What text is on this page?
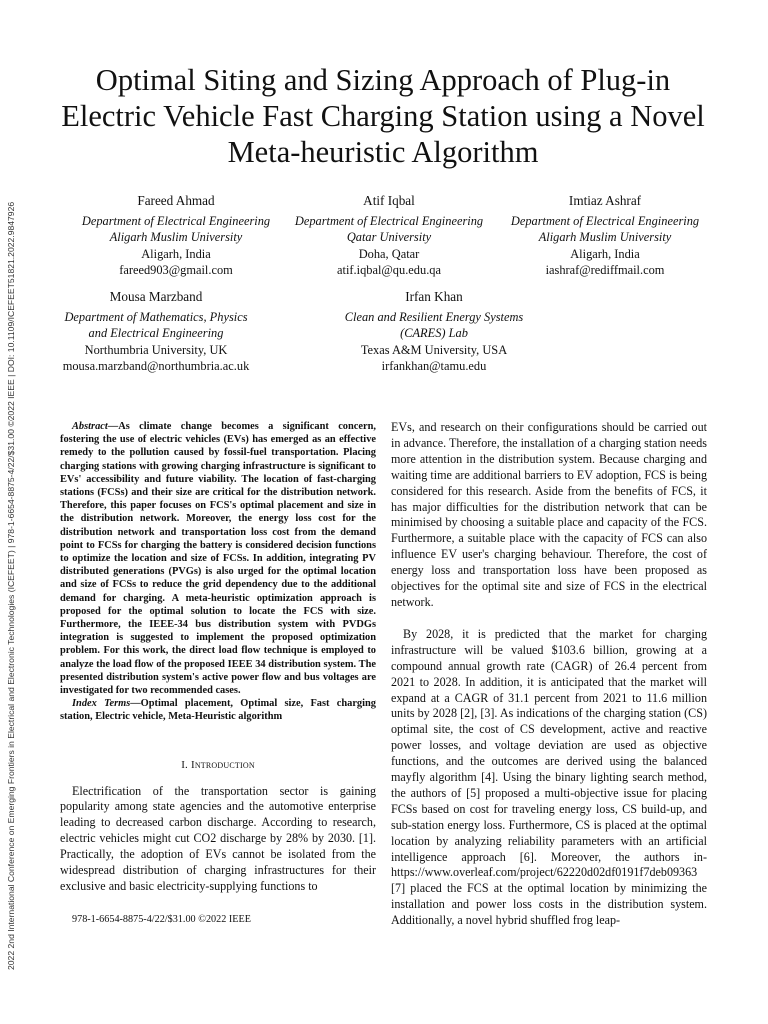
2022 2nd International Conference on Emerging Frontiers in Electrical and Electronic Technologies (ICEFEET) | 978-1-6654-8875-4/22/$31.00 ©2022 IEEE | DOI: 10.1109/ICEFEET51821.2022.9847926
Optimal Siting and Sizing Approach of Plug-in Electric Vehicle Fast Charging Station using a Novel Meta-heuristic Algorithm
Fareed Ahmad
Department of Electrical Engineering
Aligarh Muslim University
Aligarh, India
fareed903@gmail.com
Atif Iqbal
Department of Electrical Engineering
Qatar University
Doha, Qatar
atif.iqbal@qu.edu.qa
Imtiaz Ashraf
Department of Electrical Engineering
Aligarh Muslim University
Aligarh, India
iashraf@rediffmail.com
Mousa Marzband
Department of Mathematics, Physics
and Electrical Engineering
Northumbria University, UK
mousa.marzband@northumbria.ac.uk
Irfan Khan
Clean and Resilient Energy Systems
(CARES) Lab
Texas A&M University, USA
irfankhan@tamu.edu

Abstract—As climate change becomes a significant concern, fostering the use of electric vehicles (EVs) has emerged as an effective remedy to the pollution caused by fossil-fuel transportation. Placing charging stations with growing charging infrastructure is significant to EVs' accessibility and future viability. The location of fast-charging stations (FCSs) and their size are critical for the distribution network. Therefore, this paper focuses on FCS's optimal placement and size in the distribution network. Moreover, the energy loss cost for the distribution network and transportation loss cost from the demand point to FCSs for charging the battery is considered decision functions to optimize the location and size of FCSs. In addition, integrating PV distributed generations (PVGs) is also urged for the optimal location and size of FCSs to reduce the grid dependency due to the additional demand for charging. A meta-heuristic optimization approach is proposed for the optimal solution to locate the FCS with size. Furthermore, the IEEE-34 bus distribution system with PVDGs integration is suggested to implement the proposed optimization problem. For this work, the direct load flow technique is employed to analyze the load flow of the proposed IEEE 34 distribution system. The presented distribution system's active power flow and bus voltages are investigated for two recommended cases.

Index Terms—Optimal placement, Optimal size, Fast charging station, Electric vehicle, Meta-Heuristic algorithm

I. Introduction

Electrification of the transportation sector is gaining popularity among state agencies and the automotive enterprise leading to decreased carbon discharge. According to research, electric vehicles might cut CO2 discharge by 28% by 2030. [1]. Practically, the adoption of EVs cannot be isolated from the widespread distribution of charging infrastructures for their exclusive and basic electricity-supplying functions to

EVs, and research on their configurations should be carried out in advance. Therefore, the installation of a charging station needs more attention in the distribution system. Because charging and waiting time are additional barriers to EV adoption, FCS is being considered for this research. Aside from the benefits of FCS, it has major difficulties for the distribution network that can be minimised by choosing a suitable place and capacity of the FCS. Furthermore, a suitable place with the capacity of FCS can also influence EV user's charging behaviour. Therefore, the cost of energy loss and transportation loss have been proposed as objectives for the optimal site and size of FCS in the electrical network.

By 2028, it is predicted that the market for charging infrastructure will be valued $103.6 billion, growing at a compound annual growth rate (CAGR) of 26.4 percent from 2021 to 2028. In addition, it is anticipated that the market will expand at a CAGR of 31.1 percent from 2021 to 11.6 million units by 2028 [2], [3]. As indications of the charging station (CS) optimal site, the cost of CS development, active and reactive power losses, and voltage deviation are used as objective functions, and the outcomes are derived using the balanced mayfly algorithm [4]. Using the binary lighting search method, the authors of [5] proposed a multi-objective issue for placing FCSs based on cost for traveling energy loss, CS build-up, and sub-station energy loss. Furthermore, CS is placed at the optimal location by analyzing reliability parameters with an artificial intelligence approach [6]. Moreover, the authors in-https://www.overleaf.com/project/62220d02df0191f7deb09363 [7] placed the FCS at the optimal location by minimizing the installation and power loss costs in the distribution system. Additionally, a novel hybrid shuffled frog leap-

978-1-6654-8875-4/22/$31.00 ©2022 IEEE
